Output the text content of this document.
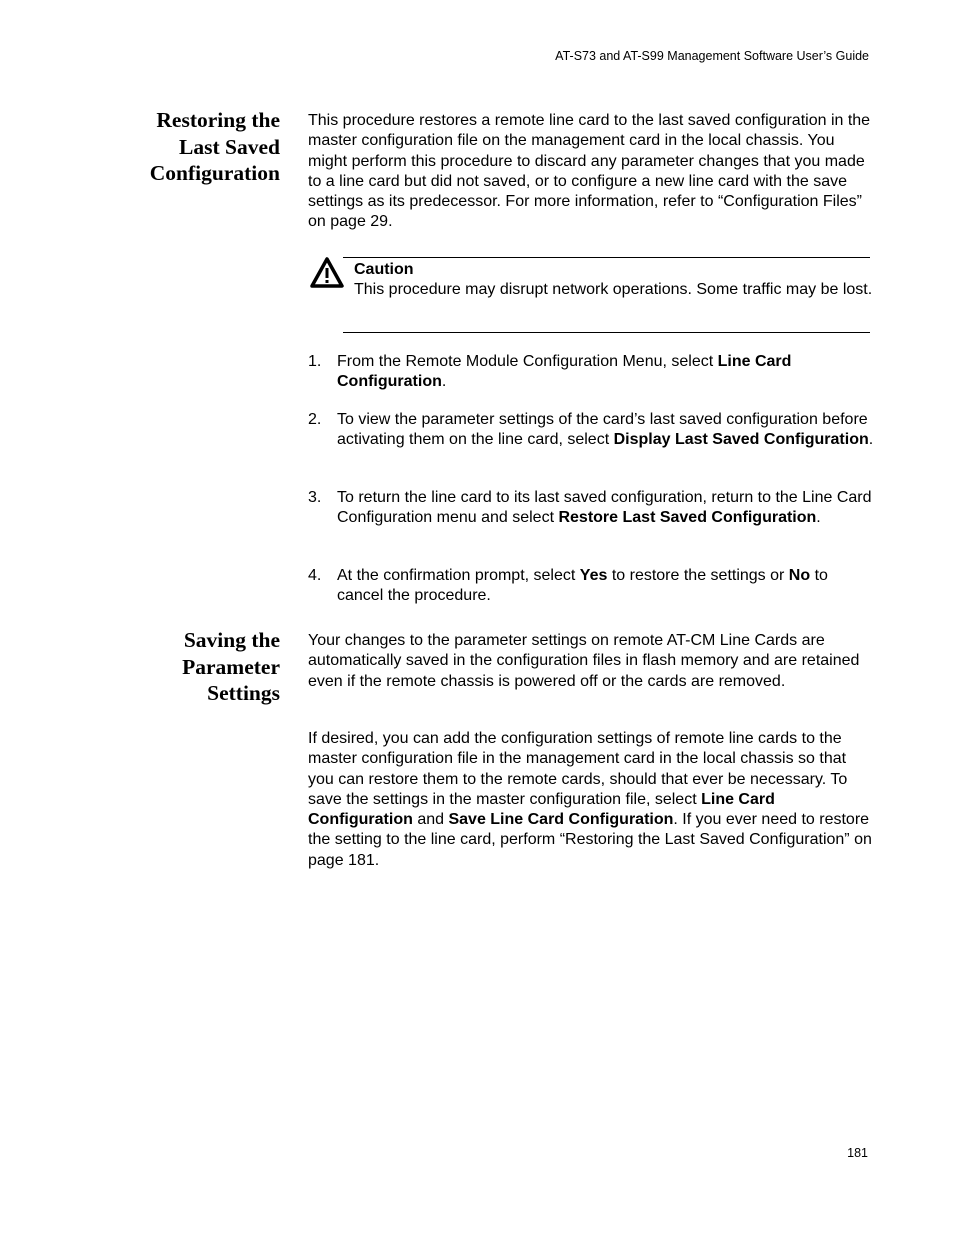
AT-S73 and AT-S99 Management Software User’s Guide
Restoring the
Last Saved
Configuration
This procedure restores a remote line card to the last saved configuration in the master configuration file on the management card in the local chassis. You might perform this procedure to discard any parameter changes that you made to a line card but did not saved, or to configure a new line card with the save settings as its predecessor. For more information, refer to “Configuration Files” on page 29.
Caution
This procedure may disrupt network operations. Some traffic may be lost.
1. From the Remote Module Configuration Menu, select Line Card Configuration.
2. To view the parameter settings of the card’s last saved configuration before activating them on the line card, select Display Last Saved Configuration.
3. To return the line card to its last saved configuration, return to the Line Card Configuration menu and select Restore Last Saved Configuration.
4. At the confirmation prompt, select Yes to restore the settings or No to cancel the procedure.
Saving the
Parameter
Settings
Your changes to the parameter settings on remote AT-CM Line Cards are automatically saved in the configuration files in flash memory and are retained even if the remote chassis is powered off or the cards are removed.
If desired, you can add the configuration settings of remote line cards to the master configuration file in the management card in the local chassis so that you can restore them to the remote cards, should that ever be necessary. To save the settings in the master configuration file, select Line Card Configuration and Save Line Card Configuration. If you ever need to restore the setting to the line card, perform “Restoring the Last Saved Configuration” on page 181.
181
